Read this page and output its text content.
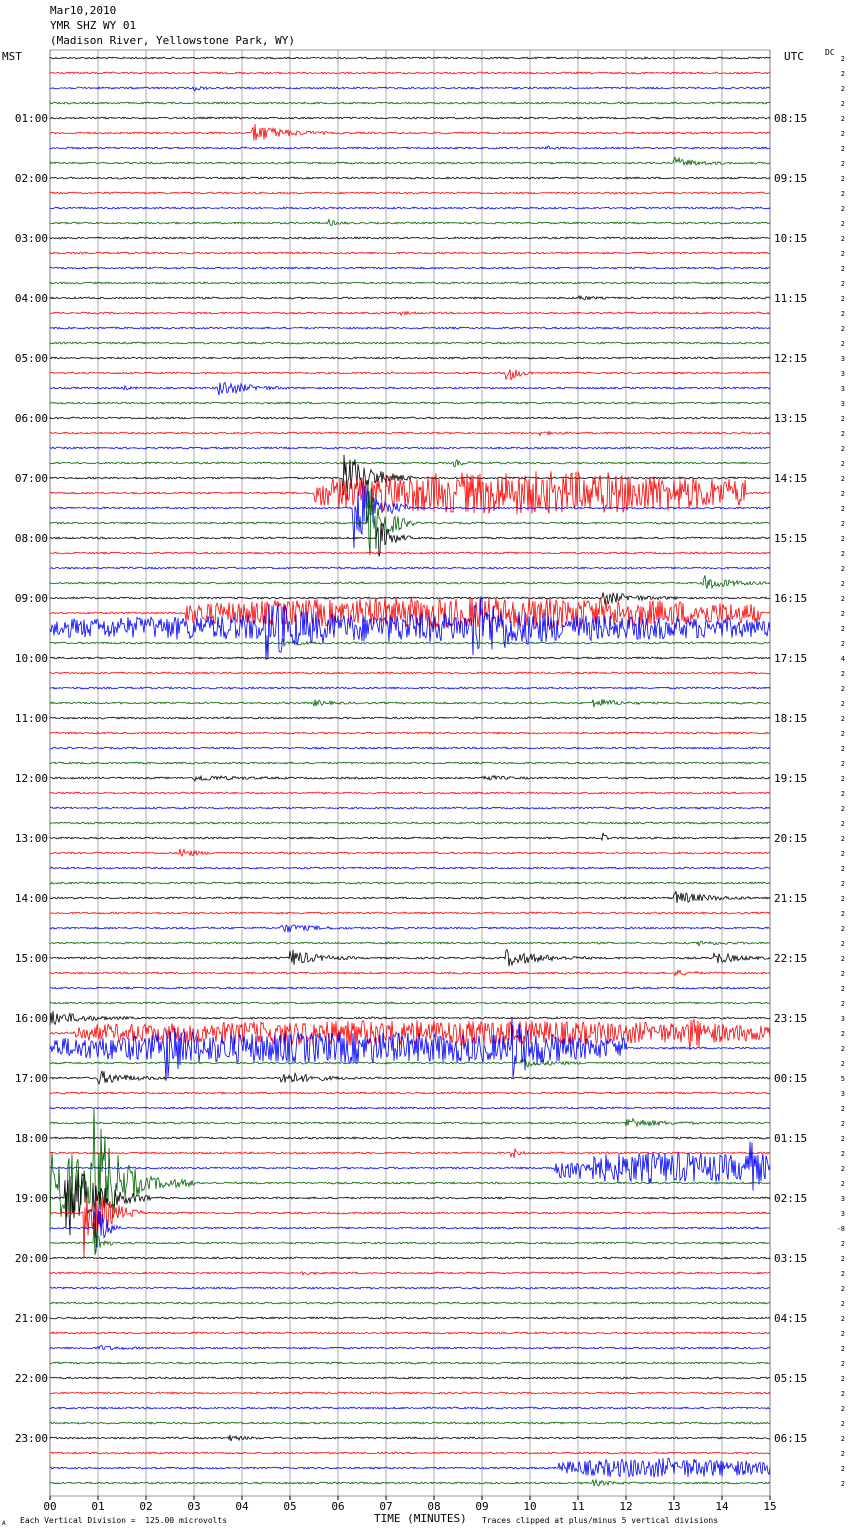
00	01	02	03	04	05	06	07	08	09	10	11	12	13	14	15
01:00
02:00
03:00
04:00
05:00
06:00
07:00
08:00
09:00
10:00
11:00
12:00
13:00
14:00
15:00
16:00
17:00
18:00
19:00
20:00
21:00
22:00
23:00
08:15
09:15
10:15
11:15
12:15
13:15
14:15
15:15
16:15
17:15
18:15
19:15
20:15
21:15
22:15
23:15
00:15
01:15
02:15
03:15
04:15
05:15
06:15
2
2
2
2
2
2
2
2
2
2
2
2
2
2
2
2
2
2
2
2
3
3
3
3
2
2
2
2
2
2
2
2
2
2
2
2
2
2
2
2
4
2
2
2
2
2
2
2
2
2
2
2
2
2
2
2
2
2
2
2
2
2
2
2
3
2
2
2
5
3
2
2
2
2
2
2
3
3
-8
2
2
2
2
2
2
2
2
2
2
2
2
2
2
2
2
2
Mar10,2010
YMR SHZ WY 01
(Madison River, Yellowstone Park, WY)
MST	UTC	DC
TIME (MINUTES)
Each Vertical Division =  125.00 microvolts	Traces clipped at plus/minus 5 vertical divisions
A
